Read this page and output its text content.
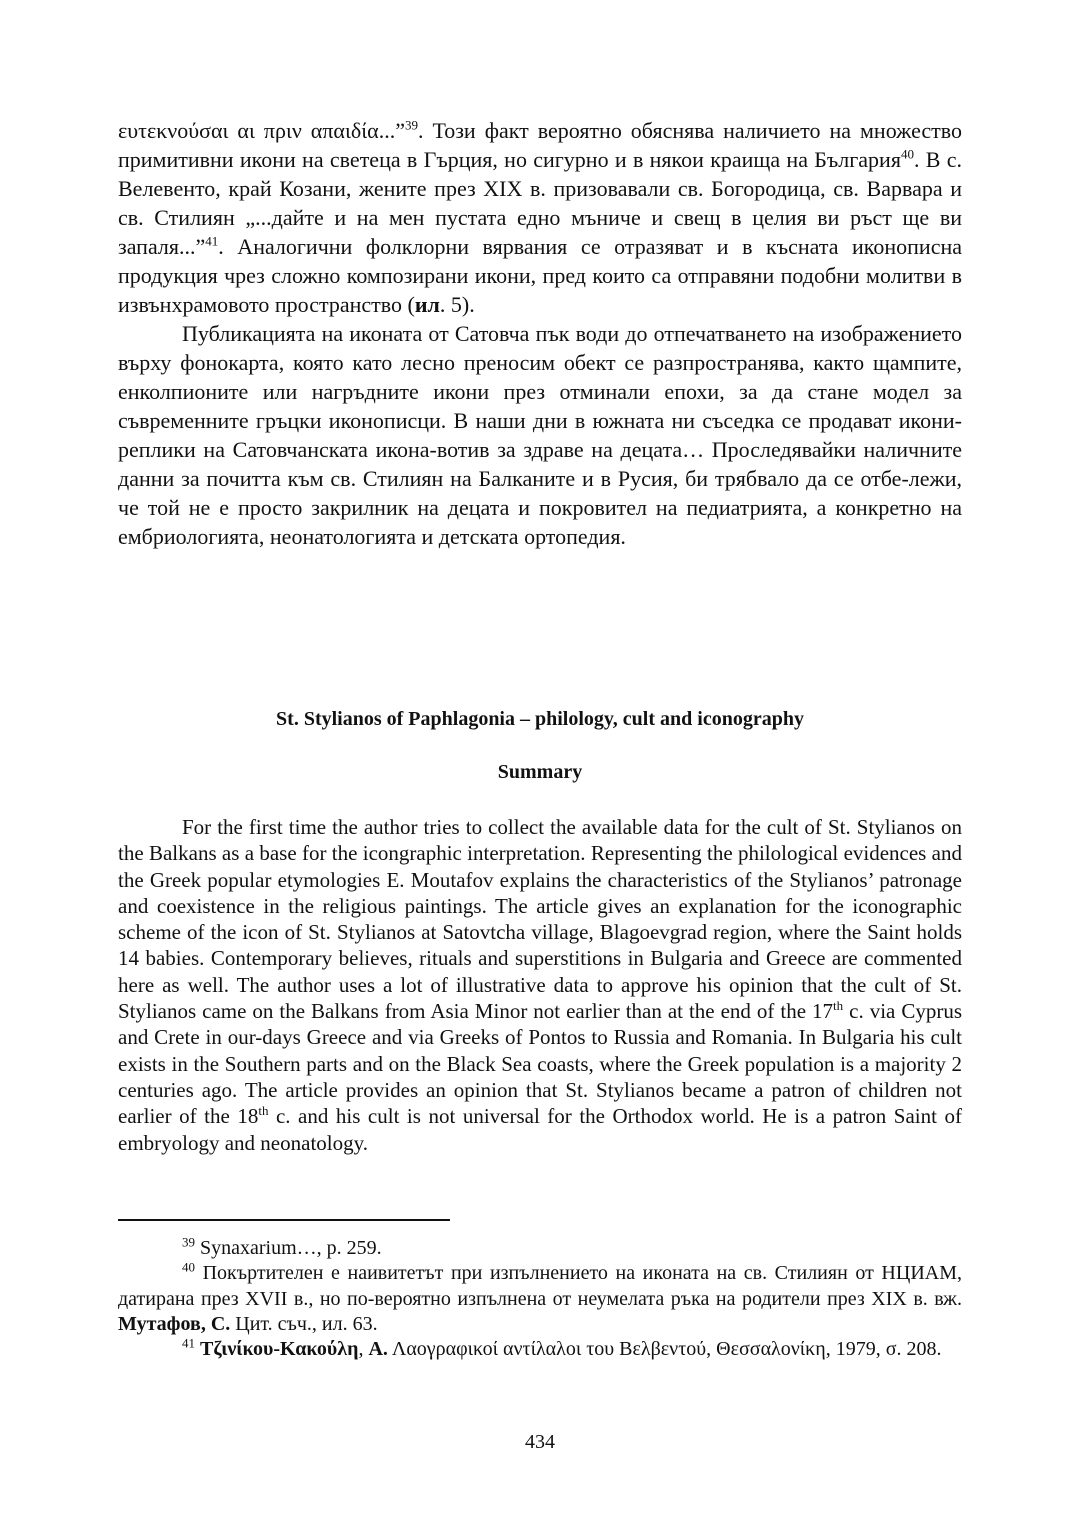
ευτεκνούσαι αι πριν απαιδία...”$^{39}$. Този факт вероятно обяснява наличието на множество примитивни икони на светеца в Гърция, но сигурно и в някои краища на България$^{40}$. В с. Велевенто, край Козани, жените през XIX в. призовавали св. Богородица, св. Варвара и св. Стилиян „...дайте и на мен пустата едно мъниче и свещ в целия ви ръст ще ви запаля...”$^{41}$. Аналогични фолклорни вярвания се отразяват и в късната иконописна продукция чрез сложно композирани икони, пред които са отправяни подобни молитви в извънхрамовото пространство (ил. 5).

Публикацията на иконата от Сатовча пък води до отпечатването на изображението върху фонокарта, която като лесно преносим обект се разпространява, както щампите, енколпионите или нагръдните икони през отминали епохи, за да стане модел за съвременните гръцки иконописци. В наши дни в южната ни съседка се продават икони-реплики на Сатовчанската икона-вотив за здраве на децата… Проследявайки наличните данни за почитта към св. Стилиян на Балканите и в Русия, би трябвало да се отбе-лежи, че той не е просто закрилник на децата и покровител на педиатрията, а конкретно на ембриологията, неонатологията и детската ортопедия.

St. Stylianos of Paphlagonia – philology, cult and iconography

Summary

For the first time the author tries to collect the available data for the cult of St. Stylianos on the Balkans as a base for the icongraphic interpretation. Representing the philological evidences and the Greek popular etymologies E. Moutafov explains the characteristics of the Stylianos’ patronage and coexistence in the religious paintings. The article gives an explanation for the iconographic scheme of the icon of St. Stylianos at Satovtcha village, Blagoevgrad region, where the Saint holds 14 babies. Contemporary believes, rituals and superstitions in Bulgaria and Greece are commented here as well. The author uses a lot of illustrative data to approve his opinion that the cult of St. Stylianos came on the Balkans from Asia Minor not earlier than at the end of the 17th c. via Cyprus and Crete in our-days Greece and via Greeks of Pontos to Russia and Romania. In Bulgaria his cult exists in the Southern parts and on the Black Sea coasts, where the Greek population is a majority 2 centuries ago. The article provides an opinion that St. Stylianos became a patron of children not earlier of the 18th c. and his cult is not universal for the Orthodox world. He is a patron Saint of embryology and neonatology.

$^{39}$ Synaxarium…, p. 259.

$^{40}$ Покъртителен е наивитетът при изпълнението на иконата на св. Стилиян от НЦИАМ, датирана през XVII в., но по-вероятно изпълнена от неумелата ръка на родители през XIX в. вж. Мутафов, С. Цит. съч., ил. 63.

$^{41}$ Τζινίκου-Κακούλη, Α. Λαογραφικοί αντίλαλοι του Βελβεντού, Θεσσαλονίκη, 1979, σ. 208.

434
